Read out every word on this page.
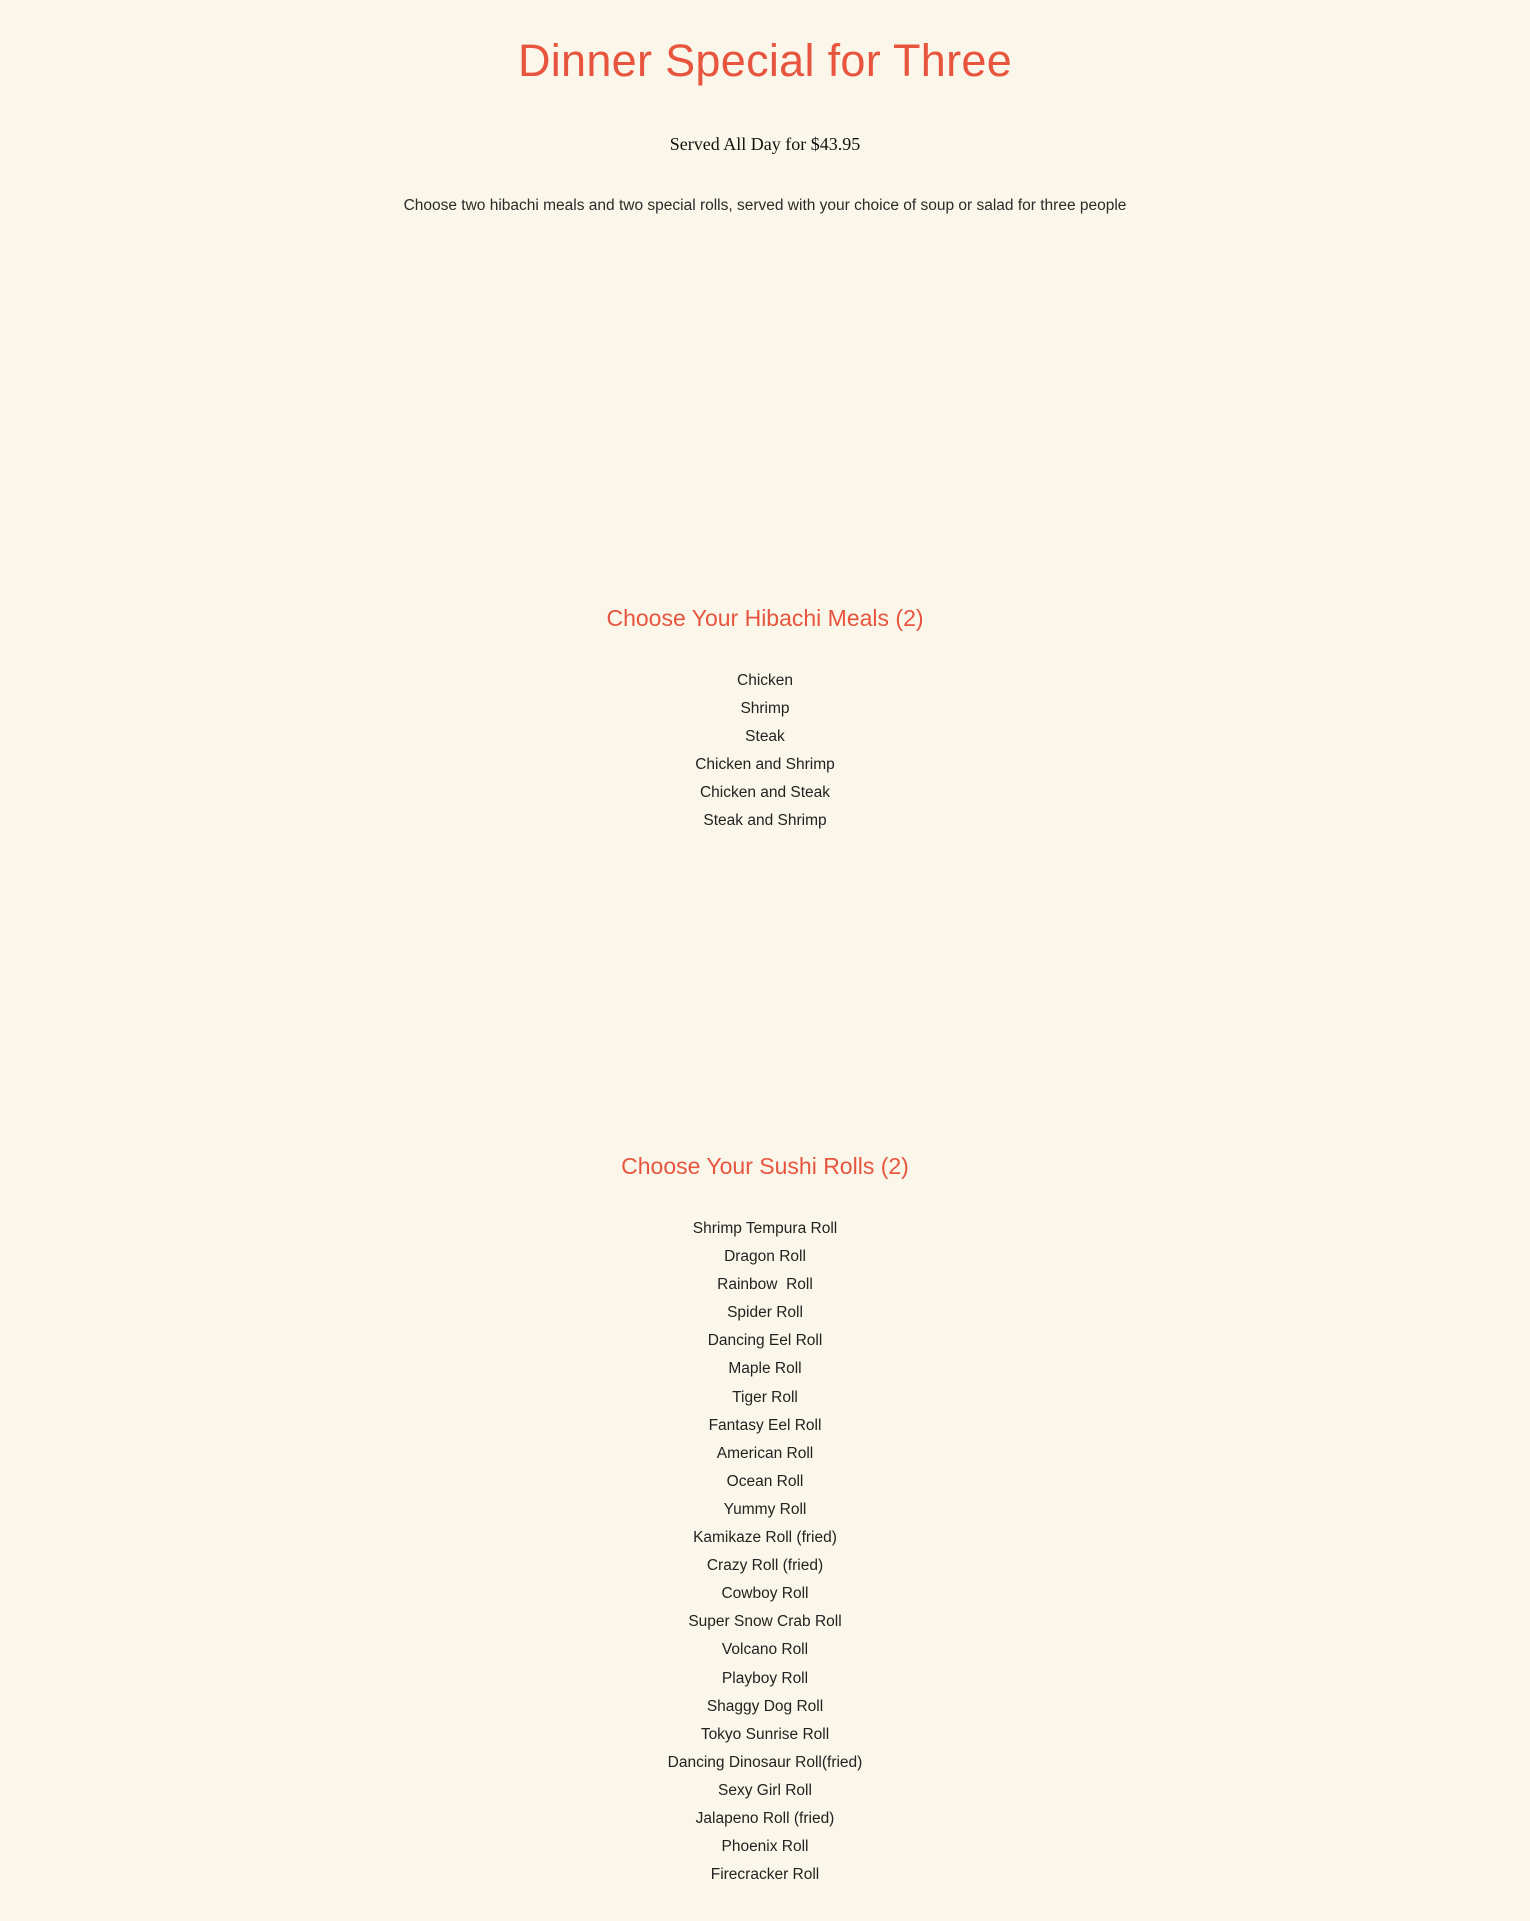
Dinner Special for Three

Served All Day for $43.95

Choose two hibachi meals and two special rolls, served with your choice of soup or salad for three people

Choose Your Hibachi Meals (2)
Chicken
Shrimp
Steak
Chicken and Shrimp
Chicken and Steak
Steak and Shrimp
Choose Your Sushi Rolls (2)
Shrimp Tempura Roll
Dragon Roll
Rainbow  Roll
Spider Roll
Dancing Eel Roll
Maple Roll
Tiger Roll
Fantasy Eel Roll
American Roll
Ocean Roll
Yummy Roll
Kamikaze Roll (fried)
Crazy Roll (fried)
Cowboy Roll
Super Snow Crab Roll
Volcano Roll
Playboy Roll
Shaggy Dog Roll
Tokyo Sunrise Roll
Dancing Dinosaur Roll(fried)
Sexy Girl Roll
Jalapeno Roll (fried)
Phoenix Roll
Firecracker Roll
